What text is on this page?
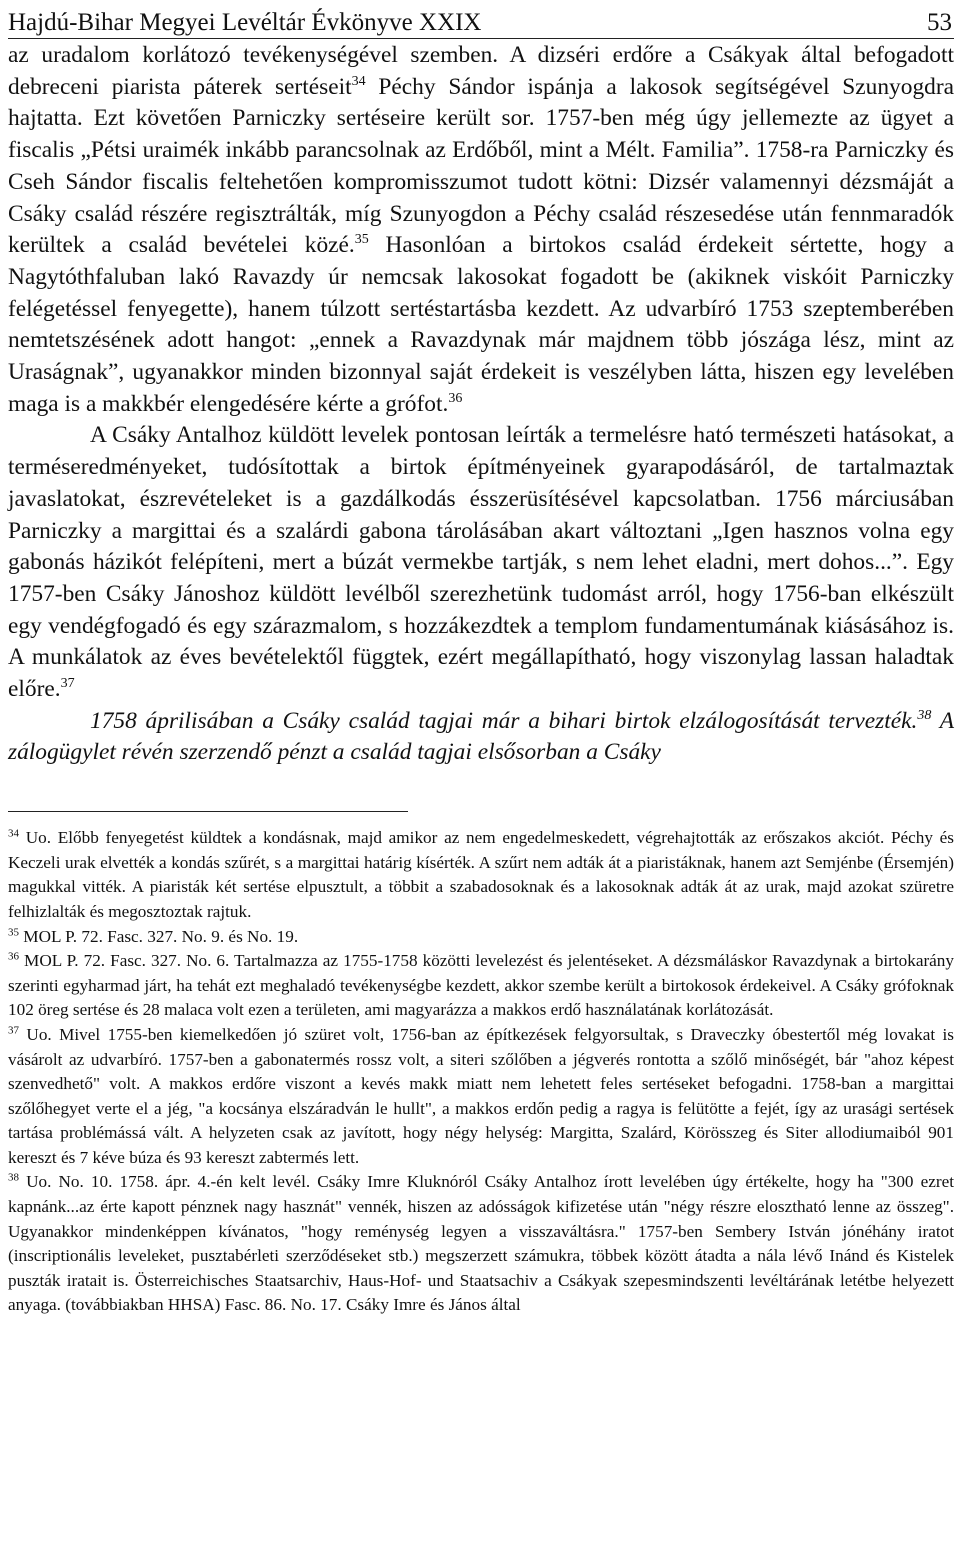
Hajdú-Bihar Megyei Levéltár Évkönyve XXIX	53

az uradalom korlátozó tevékenységével szemben. A dizséri erdőre a Csákyak által befogadott debreceni piarista páterek sertéseit$^{34}$ Péchy Sándor ispánja a lakosok segítségével Szunyogdra hajtatta. Ezt követően Parniczky sertéseire került sor. 1757-ben még úgy jellemezte az ügyet a fiscalis „Pétsi uraimék inkább parancsolnak az Erdőből, mint a Mélt. Familia”. 1758-ra Parniczky és Cseh Sándor fiscalis feltehetően kompromisszumot tudott kötni: Dizsér valamennyi dézsmáját a Csáky család részére regisztrálták, míg Szunyogdon a Péchy család részesedése után fennmaradók kerültek a család bevételei közé.$^{35}$ Hasonlóan a birtokos család érdekeit sértette, hogy a Nagytóthfaluban lakó Ravazdy úr nemcsak lakosokat fogadott be (akiknek viskóit Parniczky felégetéssel fenyegette), hanem túlzott sertéstartásba kezdett. Az udvarbíró 1753 szeptemberében nemtetszésének adott hangot: „ennek a Ravazdynak már majdnem több jószága lész, mint az Uraságnak”, ugyanakkor minden bizonnyal saját érdekeit is veszélyben látta, hiszen egy levelében maga is a makkbér elengedésére kérte a grófot.$^{36}$

A Csáky Antalhoz küldött levelek pontosan leírták a termelésre ható természeti hatásokat, a terméseredményeket, tudósítottak a birtok építményeinek gyarapodásáról, de tartalmaztak javaslatokat, észrevételeket is a gazdálkodás ésszerüsítésével kapcsolatban. 1756 márciusában Parniczky a margittai és a szalárdi gabona tárolásában akart változtani „Igen hasznos volna egy gabonás házikót felépíteni, mert a búzát vermekbe tartják, s nem lehet eladni, mert dohos...”. Egy 1757-ben Csáky Jánoshoz küldött levélből szerezhetünk tudomást arról, hogy 1756-ban elkészült egy vendégfogadó és egy szárazmalom, s hozzákezdtek a templom fundamentumának kiásásához is. A munkálatok az éves bevételektől függtek, ezért megállapítható, hogy viszonylag lassan haladtak előre.$^{37}$

1758 áprilisában a Csáky család tagjai már a bihari birtok elzálogosítását tervezték.$^{38}$ A zálogügylet révén szerzendő pénzt a család tagjai elsősorban a Csáky

$^{34}$ Uo. Előbb fenyegetést küldtek a kondásnak, majd amikor az nem engedelmeskedett, végrehajtották az erőszakos akciót. Péchy és Keczeli urak elvették a kondás szűrét, s a margittai határig kísérték. A szűrt nem adták át a piaristáknak, hanem azt Semjénbe (Érsemjén) magukkal vitték. A piaristák két sertése elpusztult, a többit a szabadosoknak és a lakosoknak adták át az urak, majd azokat szüretre felhizlalták és megosztoztak rajtuk.

$^{35}$ MOL P. 72. Fasc. 327. No. 9. és No. 19.

$^{36}$ MOL P. 72. Fasc. 327. No. 6. Tartalmazza az 1755-1758 közötti levelezést és jelentéseket. A dézsmáláskor Ravazdynak a birtokarány szerinti egyharmad járt, ha tehát ezt meghaladó tevékenységbe kezdett, akkor szembe került a birtokosok érdekeivel. A Csáky grófoknak 102 öreg sertése és 28 malaca volt ezen a területen, ami magyarázza a makkos erdő használatának korlátozását.

$^{37}$ Uo. Mivel 1755-ben kiemelkedően jó szüret volt, 1756-ban az építkezések felgyorsultak, s Draveczky óbestertől még lovakat is vásárolt az udvarbíró. 1757-ben a gabonatermés rossz volt, a siteri szőlőben a jégverés rontotta a szőlő minőségét, bár "ahoz képest szenvedhető" volt. A makkos erdőre viszont a kevés makk miatt nem lehetett feles sertéseket befogadni. 1758-ban a margittai szőlőhegyet verte el a jég, "a kocsánya elszáradván le hullt", a makkos erdőn pedig a ragya is felütötte a fejét, így az urasági sertések tartása problémássá vált. A helyzeten csak az javított, hogy négy helység: Margitta, Szalárd, Körösszeg és Siter allodiumaiból 901 kereszt és 7 kéve búza és 93 kereszt zabtermés lett.

$^{38}$ Uo. No. 10. 1758. ápr. 4.-én kelt levél. Csáky Imre Kluknóról Csáky Antalhoz írott levelében úgy értékelte, hogy ha "300 ezret kapnánk...az érte kapott pénznek nagy hasznát" vennék, hiszen az adósságok kifizetése után "négy részre elosztható lenne az összeg". Ugyanakkor mindenképpen kívánatos, "hogy reménység legyen a visszaváltásra." 1757-ben Sembery István jónéhány iratot (inscriptionális leveleket, pusztabérleti szerződéseket stb.) megszerzett számukra, többek között átadta a nála lévő Inánd és Kistelek puszták iratait is. Österreichisches Staatsarchiv, Haus-Hof- und Staatsachiv a Csákyak szepesmindszenti levéltárának letétbe helyezett anyaga. (továbbiakban HHSA) Fasc. 86. No. 17. Csáky Imre és János által
